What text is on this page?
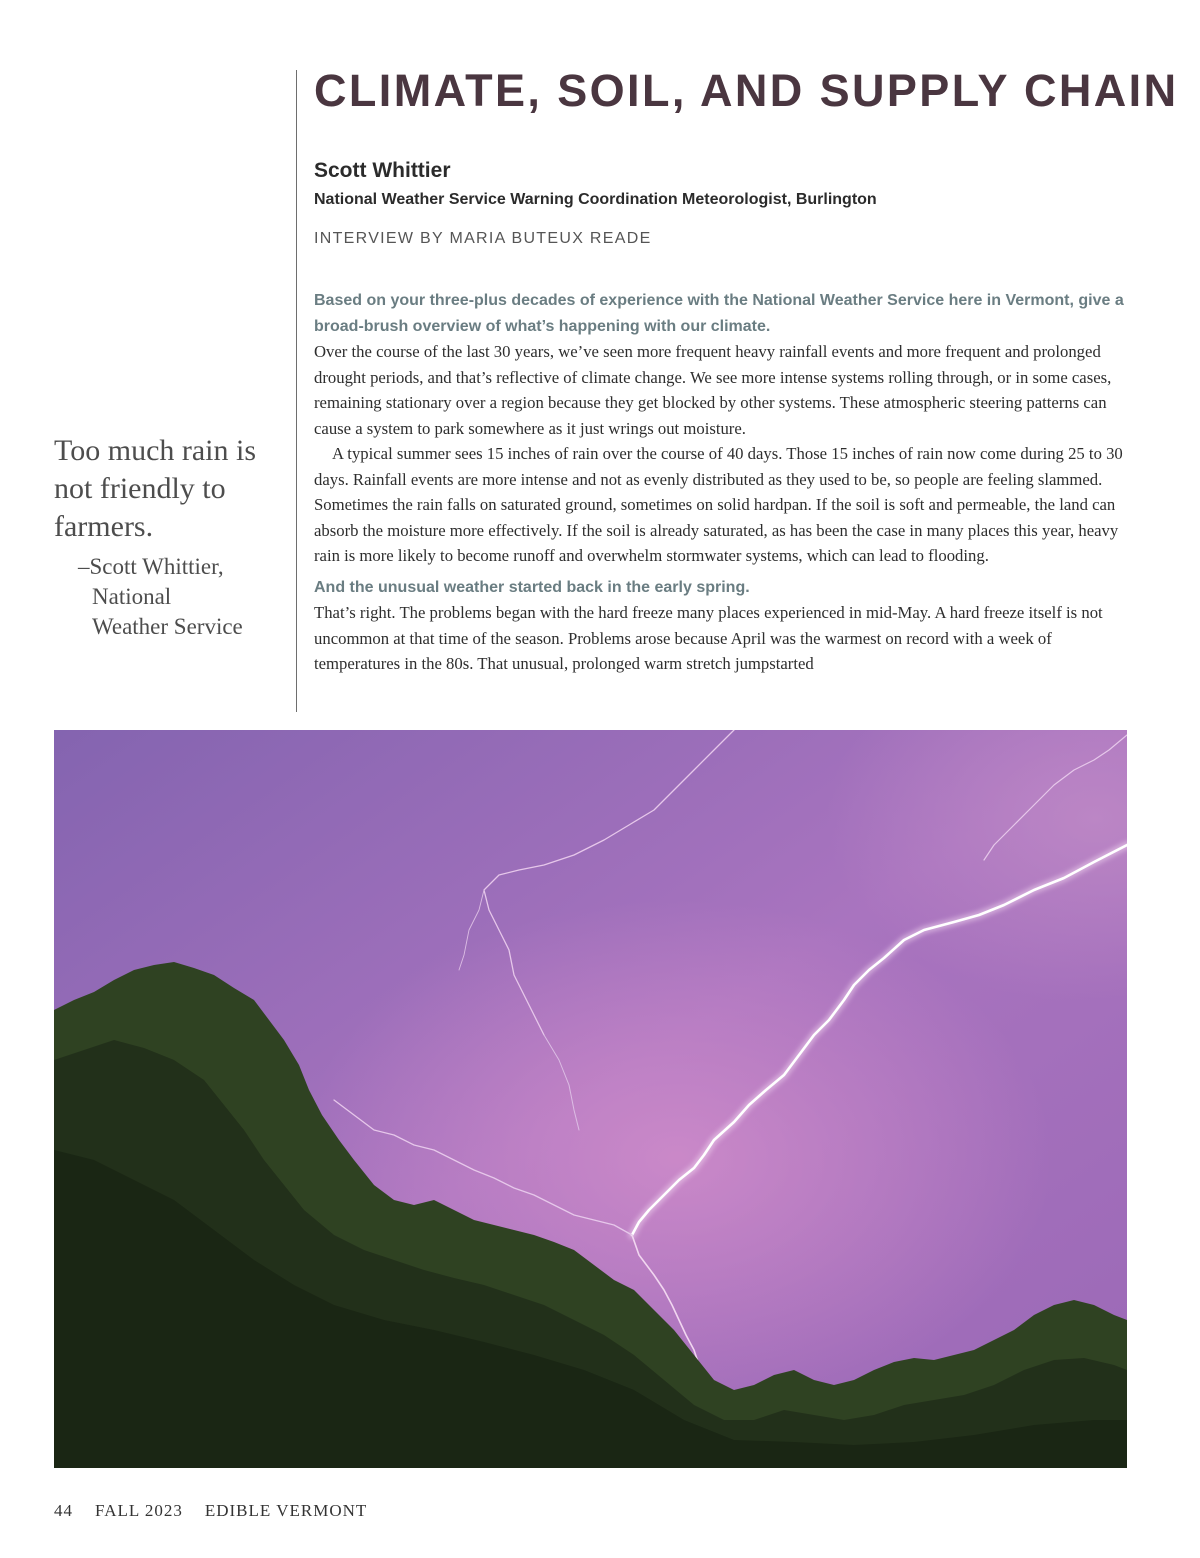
CLIMATE, SOIL, AND SUPPLY CHAIN
Scott Whittier
National Weather Service Warning Coordination Meteorologist, Burlington
INTERVIEW BY MARIA BUTEUX READE

Based on your three-plus decades of experience with the National Weather Service here in Vermont, give a broad-brush overview of what’s happening with our climate.

Over the course of the last 30 years, we’ve seen more frequent heavy rainfall events and more frequent and prolonged drought periods, and that’s reflective of climate change. We see more intense systems rolling through, or in some cases, remaining stationary over a region because they get blocked by other systems. These atmospheric steering patterns can cause a system to park somewhere as it just wrings out moisture.

A typical summer sees 15 inches of rain over the course of 40 days. Those 15 inches of rain now come during 25 to 30 days. Rainfall events are more intense and not as evenly distributed as they used to be, so people are feeling slammed. Sometimes the rain falls on saturated ground, sometimes on solid hardpan. If the soil is soft and permeable, the land can absorb the moisture more effectively. If the soil is already saturated, as has been the case in many places this year, heavy rain is more likely to become runoff and overwhelm stormwater systems, which can lead to flooding.

And the unusual weather started back in the early spring.

That’s right. The problems began with the hard freeze many places experienced in mid-May. A hard freeze itself is not uncommon at that time of the season. Problems arose because April was the warmest on record with a week of temperatures in the 80s. That unusual, prolonged warm stretch jumpstarted

Too much rain is not friendly to farmers.

–Scott Whittier,
National
Weather Service
44 FALL 2023 EDIBLE VERMONT
